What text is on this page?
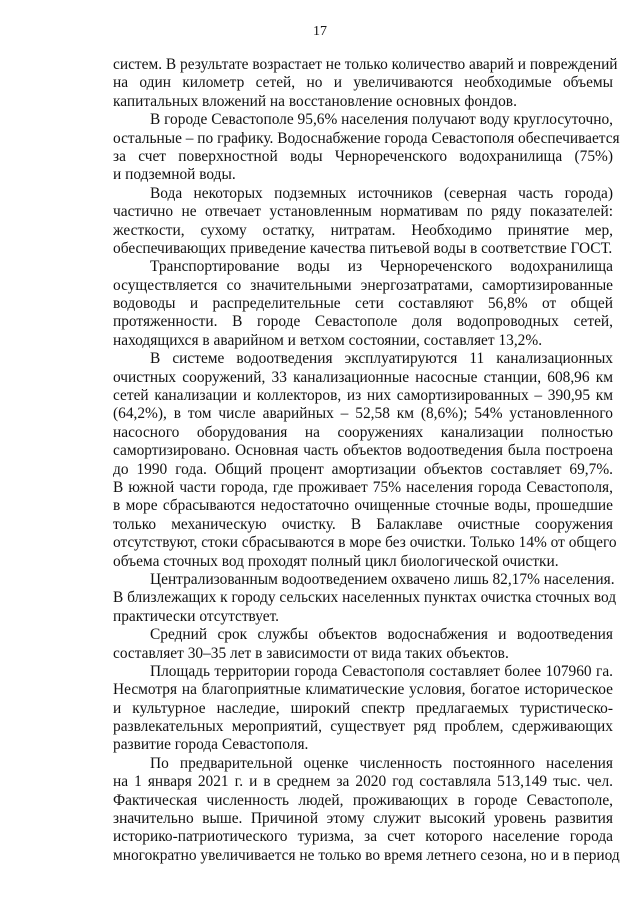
17
систем. В результате возрастает не только количество аварий и повреждений
на один километр сетей, но и увеличиваются необходимые объемы
капитальных вложений на восстановление основных фондов.
В городе Севастополе 95,6% населения получают воду круглосуточно,
остальные – по графику. Водоснабжение города Севастополя обеспечивается
за счет поверхностной воды Чернореченского водохранилища (75%)
и подземной воды.
Вода некоторых подземных источников (северная часть города)
частично не отвечает установленным нормативам по ряду показателей:
жесткости, сухому остатку, нитратам. Необходимо принятие мер,
обеспечивающих приведение качества питьевой воды в соответствие ГОСТ.
Транспортирование воды из Чернореченского водохранилища
осуществляется со значительными энергозатратами, самортизированные
водоводы и распределительные сети составляют 56,8% от общей
протяженности. В городе Севастополе доля водопроводных сетей,
находящихся в аварийном и ветхом состоянии, составляет 13,2%.
В системе водоотведения эксплуатируются 11 канализационных
очистных сооружений, 33 канализационные насосные станции, 608,96 км
сетей канализации и коллекторов, из них самортизированных – 390,95 км
(64,2%), в том числе аварийных – 52,58 км (8,6%); 54% установленного
насосного оборудования на сооружениях канализации полностью
самортизировано. Основная часть объектов водоотведения была построена
до 1990 года. Общий процент амортизации объектов составляет 69,7%.
В южной части города, где проживает 75% населения города Севастополя,
в море сбрасываются недостаточно очищенные сточные воды, прошедшие
только механическую очистку. В Балаклаве очистные сооружения
отсутствуют, стоки сбрасываются в море без очистки. Только 14% от общего
объема сточных вод проходят полный цикл биологической очистки.
Централизованным водоотведением охвачено лишь 82,17% населения.
В близлежащих к городу сельских населенных пунктах очистка сточных вод
практически отсутствует.
Средний срок службы объектов водоснабжения и водоотведения
составляет 30–35 лет в зависимости от вида таких объектов.
Площадь территории города Севастополя составляет более 107960 га.
Несмотря на благоприятные климатические условия, богатое историческое
и культурное наследие, широкий спектр предлагаемых туристическо-
развлекательных мероприятий, существует ряд проблем, сдерживающих
развитие города Севастополя.
По предварительной оценке численность постоянного населения
на 1 января 2021 г. и в среднем за 2020 год составляла 513,149 тыс. чел.
Фактическая численность людей, проживающих в городе Севастополе,
значительно выше. Причиной этому служит высокий уровень развития
историко-патриотического туризма, за счет которого население города
многократно увеличивается не только во время летнего сезона, но и в период
